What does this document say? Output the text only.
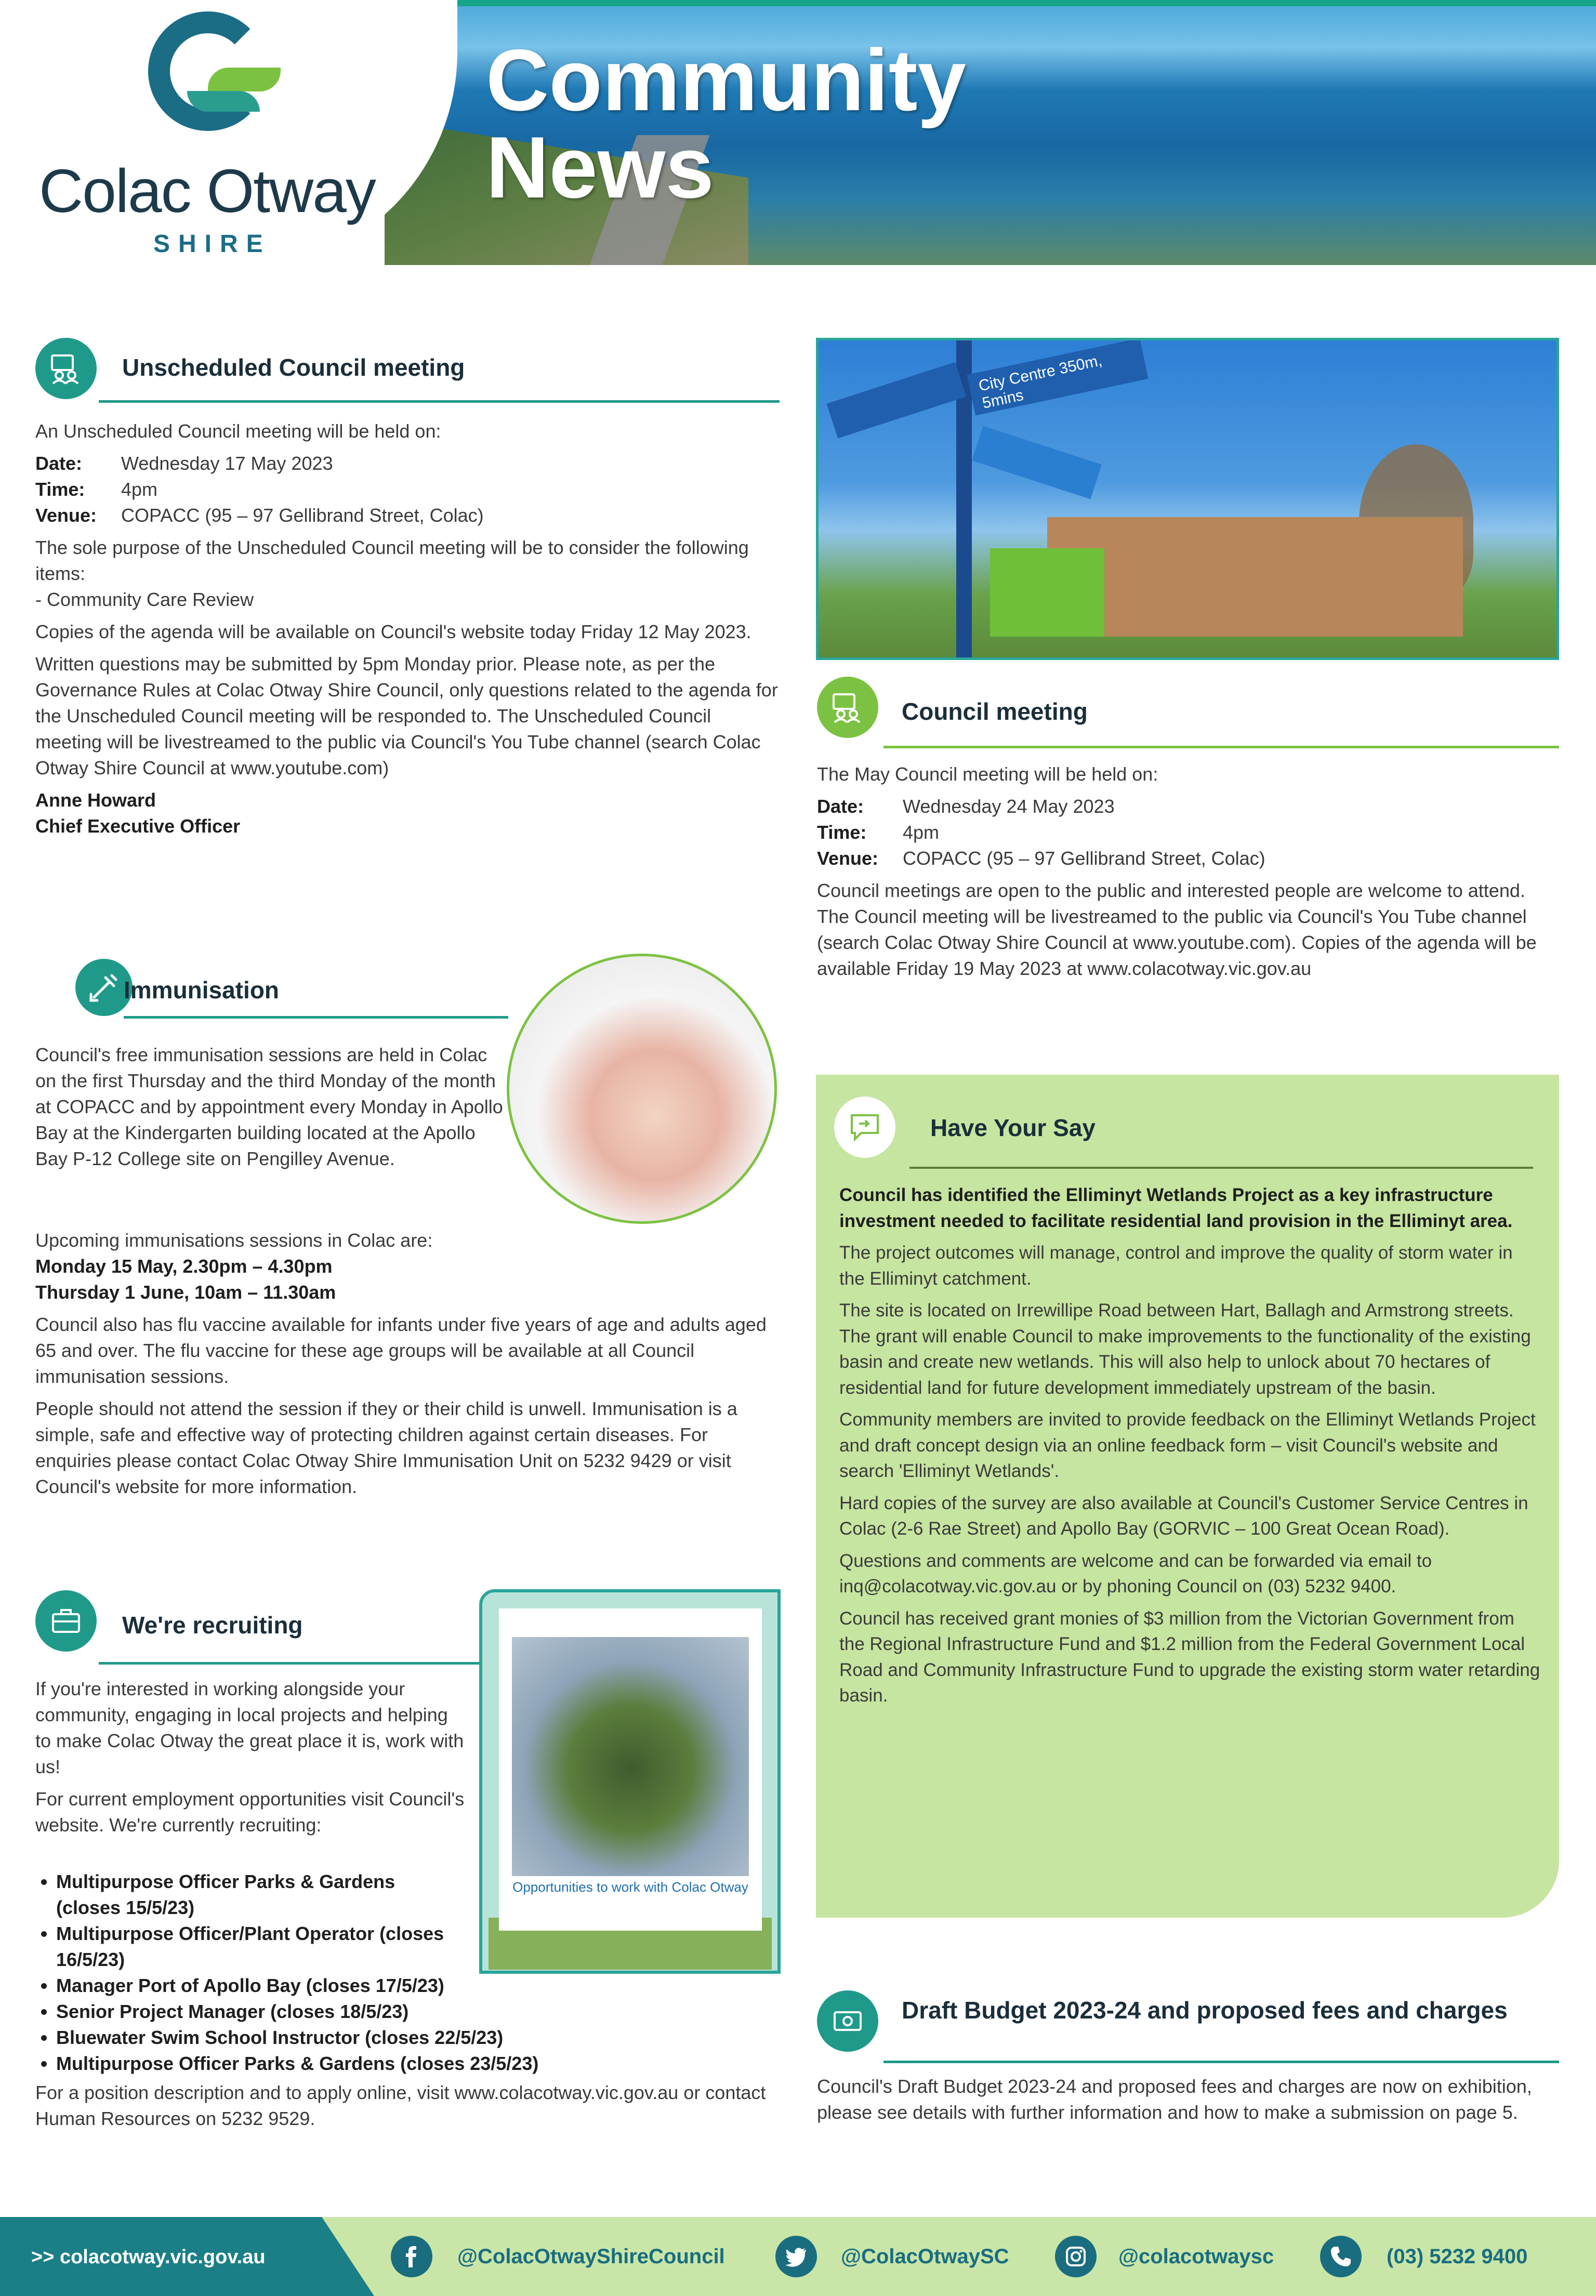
Colac Otway
SHIRE
Community
News
Unscheduled Council meeting

An Unscheduled Council meeting will be held on:

Date:	Wednesday 17 May 2023
Time:	4pm
Venue:	COPACC (95 – 97 Gellibrand Street, Colac)

The sole purpose of the Unscheduled Council meeting will be to consider the following items:

- Community Care Review

Copies of the agenda will be available on Council's website today Friday 12 May 2023.

Written questions may be submitted by 5pm Monday prior. Please note, as per the Governance Rules at Colac Otway Shire Council, only questions related to the agenda for the Unscheduled Council meeting will be responded to. The Unscheduled Council meeting will be livestreamed to the public via Council's You Tube channel (search Colac Otway Shire Council at www.youtube.com)

Anne Howard
Chief Executive Officer
Immunisation

Council's free immunisation sessions are held in Colac on the first Thursday and the third Monday of the month at COPACC and by appointment every Monday in Apollo Bay at the Kindergarten building located at the Apollo Bay P-12 College site on Pengilley Avenue.

Upcoming immunisations sessions in Colac are:

Monday 15 May, 2.30pm – 4.30pm
Thursday 1 June, 10am – 11.30am

Council also has flu vaccine available for infants under five years of age and adults aged 65 and over. The flu vaccine for these age groups will be available at all Council immunisation sessions.

People should not attend the session if they or their child is unwell. Immunisation is a simple, safe and effective way of protecting children against certain diseases. For enquiries please contact Colac Otway Shire Immunisation Unit on 5232 9429 or visit Council's website for more information.

We're recruiting
Opportunities to work with Colac Otway

If you're interested in working alongside your community, engaging in local projects and helping to make Colac Otway the great place it is, work with us!

For current employment opportunities visit Council's website. We're currently recruiting:

• Multipurpose Officer Parks & Gardens (closes 15/5/23)
• Multipurpose Officer/Plant Operator (closes 16/5/23)
• Manager Port of Apollo Bay (closes 17/5/23)
• Senior Project Manager (closes 18/5/23)
• Bluewater Swim School Instructor (closes 22/5/23)
• Multipurpose Officer Parks & Gardens (closes 23/5/23)

For a position description and to apply online, visit www.colacotway.vic.gov.au or contact Human Resources on 5232 9529.

City Centre 350m, 5mins
Council meeting

The May Council meeting will be held on:

Date:	Wednesday 24 May 2023
Time:	4pm
Venue:	COPACC (95 – 97 Gellibrand Street, Colac)

Council meetings are open to the public and interested people are welcome to attend. The Council meeting will be livestreamed to the public via Council's You Tube channel (search Colac Otway Shire Council at www.youtube.com). Copies of the agenda will be available Friday 19 May 2023 at www.colacotway.vic.gov.au

Have Your Say

Council has identified the Elliminyt Wetlands Project as a key infrastructure investment needed to facilitate residential land provision in the Elliminyt area.

The project outcomes will manage, control and improve the quality of storm water in the Elliminyt catchment.

The site is located on Irrewillipe Road between Hart, Ballagh and Armstrong streets. The grant will enable Council to make improvements to the functionality of the existing basin and create new wetlands. This will also help to unlock about 70 hectares of residential land for future development immediately upstream of the basin.

Community members are invited to provide feedback on the Elliminyt Wetlands Project and draft concept design via an online feedback form – visit Council's website and search 'Elliminyt Wetlands'.

Hard copies of the survey are also available at Council's Customer Service Centres in Colac (2-6 Rae Street) and Apollo Bay (GORVIC – 100 Great Ocean Road).

Questions and comments are welcome and can be forwarded via email to inq@colacotway.vic.gov.au or by phoning Council on (03) 5232 9400.

Council has received grant monies of $3 million from the Victorian Government from the Regional Infrastructure Fund and $1.2 million from the Federal Government Local Road and Community Infrastructure Fund to upgrade the existing storm water retarding basin.

Draft Budget 2023-24 and proposed fees and charges

Council's Draft Budget 2023-24 and proposed fees and charges are now on exhibition, please see details with further information and how to make a submission on page 5.

>> colacotway.vic.gov.au	@ColacOtwayShireCouncil	@ColacOtwaySC	@colacotwaysc	(03) 5232 9400
